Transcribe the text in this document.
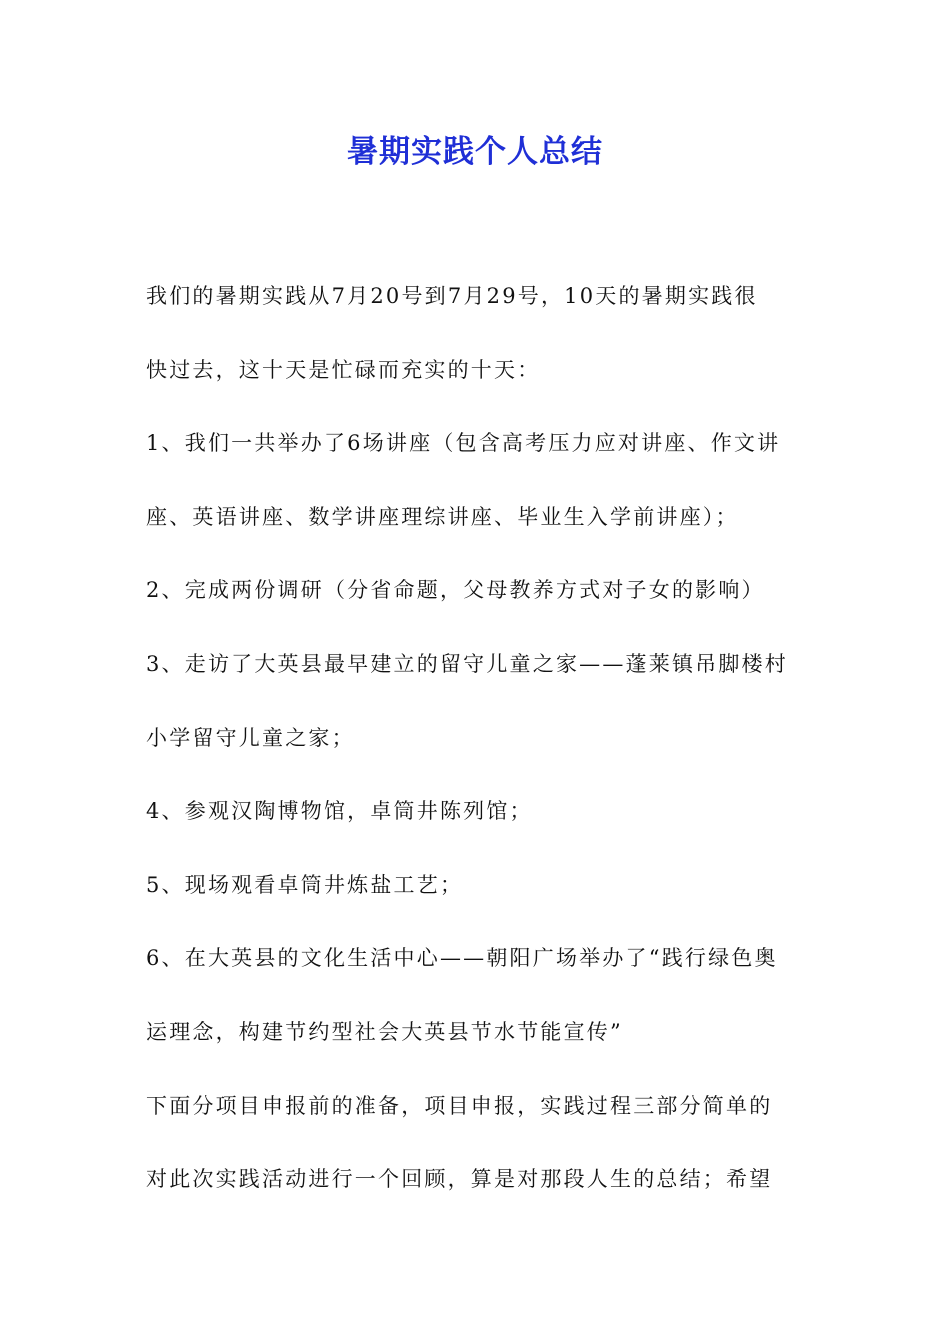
暑期实践个人总结
我们的暑期实践从7月20号到7月29号，10天的暑期实践很
快过去，这十天是忙碌而充实的十天：
1、我们一共举办了6场讲座（包含高考压力应对讲座、作文讲
座、英语讲座、数学讲座理综讲座、毕业生入学前讲座）；
2、完成两份调研（分省命题，父母教养方式对子女的影响）
3、走访了大英县最早建立的留守儿童之家——蓬莱镇吊脚楼村
小学留守儿童之家；
4、参观汉陶博物馆，卓筒井陈列馆；
5、现场观看卓筒井炼盐工艺；
6、在大英县的文化生活中心——朝阳广场举办了“践行绿色奥
运理念，构建节约型社会大英县节水节能宣传”
下面分项目申报前的准备，项目申报，实践过程三部分简单的
对此次实践活动进行一个回顾，算是对那段人生的总结；希望
